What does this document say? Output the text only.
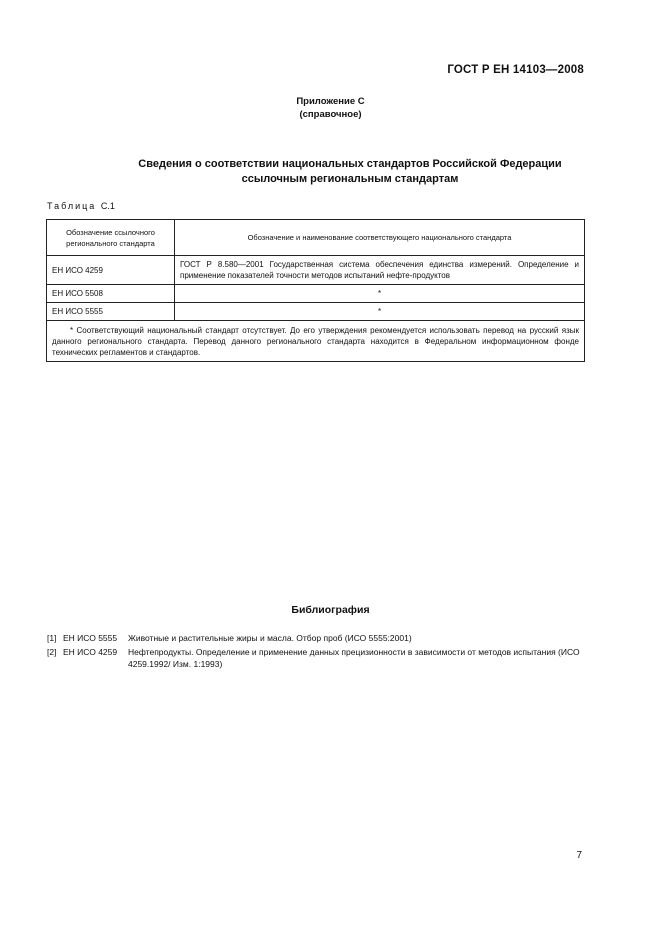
ГОСТ Р ЕН 14103—2008
Приложение С
(справочное)
Сведения о соответствии национальных стандартов Российской Федерации
ссылочным региональным стандартам
Таблица С.1
Обозначение ссылочного регионального стандарта	Обозначение и наименование соответствующего национального стандарта
ЕН ИСО 4259	ГОСТ Р 8.580—2001 Государственная система обеспечения единства измерений. Определение и применение показателей точности методов испытаний нефте-продуктов
ЕН ИСО 5508	*
ЕН ИСО 5555	*
* Соответствующий национальный стандарт отсутствует. До его утверждения рекомендуется использовать перевод на русский язык данного регионального стандарта. Перевод данного регионального стандарта находится в Федеральном информационном фонде технических регламентов и стандартов.	
Библиография
[1] ЕН ИСО 5555	Животные и растительные жиры и масла. Отбор проб (ИСО 5555:2001)
[2] ЕН ИСО 4259	Нефтепродукты. Определение и применение данных прецизионности в зависимости от методов испытания (ИСО 4259.1992/ Изм. 1:1993)
7
